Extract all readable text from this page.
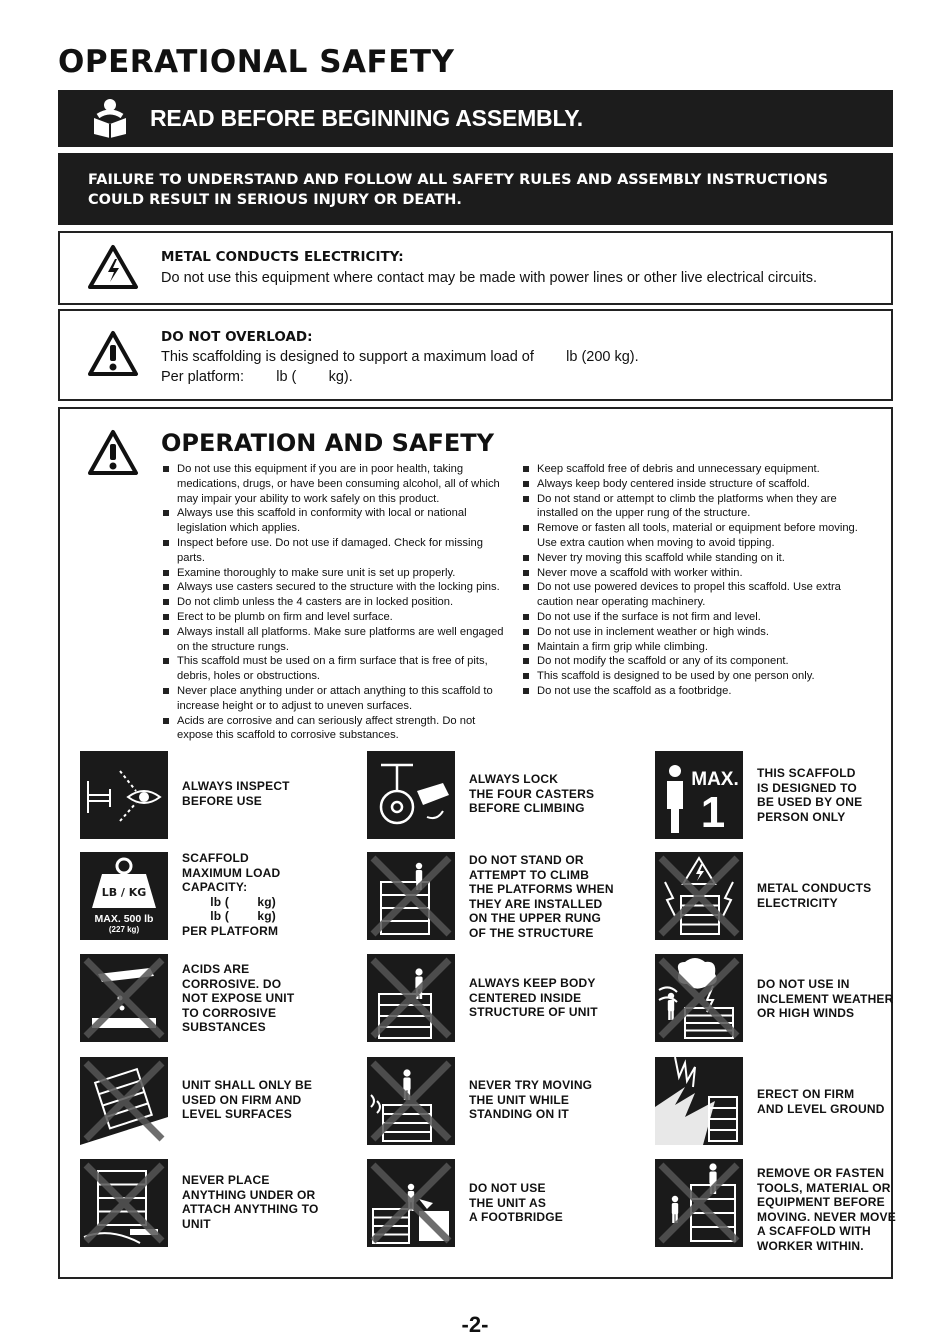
OPERATIONAL SAFETY
READ BEFORE BEGINNING ASSEMBLY.
FAILURE TO UNDERSTAND AND FOLLOW ALL SAFETY RULES AND ASSEMBLY INSTRUCTIONS COULD RESULT IN SERIOUS INJURY OR DEATH.
METAL CONDUCTS ELECTRICITY:
Do not use this equipment where contact may be made with power lines or other live electrical circuits.
DO NOT OVERLOAD:
This scaffolding is designed to support a maximum load of        lb (200 kg).
Per platform:        lb (        kg).
OPERATION AND SAFETY
Do not use this equipment if you are in poor health, taking medications, drugs, or have been consuming alcohol, all of which may impair your ability to work safely on this product.
Always use this scaffold in conformity with local or national legislation which applies.
Inspect before use. Do not use if damaged. Check for missing parts.
Examine thoroughly to make sure unit is set up properly.
Always use casters secured to the structure with the locking pins.
Do not climb unless the 4 casters are in locked position.
Erect to be plumb on firm and level surface.
Always install all platforms. Make sure platforms are well engaged on the structure rungs.
This scaffold must be used on a firm surface that is free of pits, debris, holes or obstructions.
Never place anything under or attach anything to this scaffold to increase height or to adjust to uneven surfaces.
Acids are corrosive and can seriously affect strength. Do not expose this scaffold to corrosive substances.
Keep scaffold free of debris and unnecessary equipment.
Always keep body centered inside structure of scaffold.
Do not stand or attempt to climb the platforms when they are installed on the upper rung of the structure.
Remove or fasten all tools, material or equipment before moving. Use extra caution when moving to avoid tipping.
Never try moving this scaffold while standing on it.
Never move a scaffold with worker within.
Do not use powered devices to propel this scaffold. Use extra caution near operating machinery.
Do not use if the surface is not firm and level.
Do not use in inclement weather or high winds.
Maintain a firm grip while climbing.
Do not modify the scaffold or any of its component.
This scaffold is designed to be used by one person only.
Do not use the scaffold as a footbridge.
ALWAYS INSPECT
BEFORE USE
ALWAYS LOCK
THE FOUR CASTERS
BEFORE CLIMBING
MAX.
1
THIS SCAFFOLD
IS DESIGNED TO
BE USED BY ONE
PERSON ONLY
LB / KG
MAX. 500 lb
(227 kg)
SCAFFOLD
MAXIMUM LOAD
CAPACITY:
lb (        kg)
lb (        kg)
PER PLATFORM
DO NOT STAND OR
ATTEMPT TO CLIMB
THE PLATFORMS WHEN
THEY ARE INSTALLED
ON THE UPPER RUNG
OF THE STRUCTURE
METAL CONDUCTS
ELECTRICITY
ACIDS ARE
CORROSIVE. DO
NOT EXPOSE UNIT
TO CORROSIVE
SUBSTANCES
ALWAYS KEEP BODY
CENTERED INSIDE
STRUCTURE OF UNIT
DO NOT USE IN
INCLEMENT WEATHER
OR HIGH WINDS
UNIT SHALL ONLY BE
USED ON FIRM AND
LEVEL SURFACES
NEVER TRY MOVING
THE UNIT WHILE
STANDING ON IT
ERECT ON FIRM
AND LEVEL GROUND
NEVER PLACE
ANYTHING UNDER OR
ATTACH ANYTHING TO
UNIT
DO NOT USE
THE UNIT AS
A FOOTBRIDGE
REMOVE OR FASTEN
TOOLS, MATERIAL OR
EQUIPMENT BEFORE
MOVING. NEVER MOVE
A SCAFFOLD WITH
WORKER WITHIN.
-2-
